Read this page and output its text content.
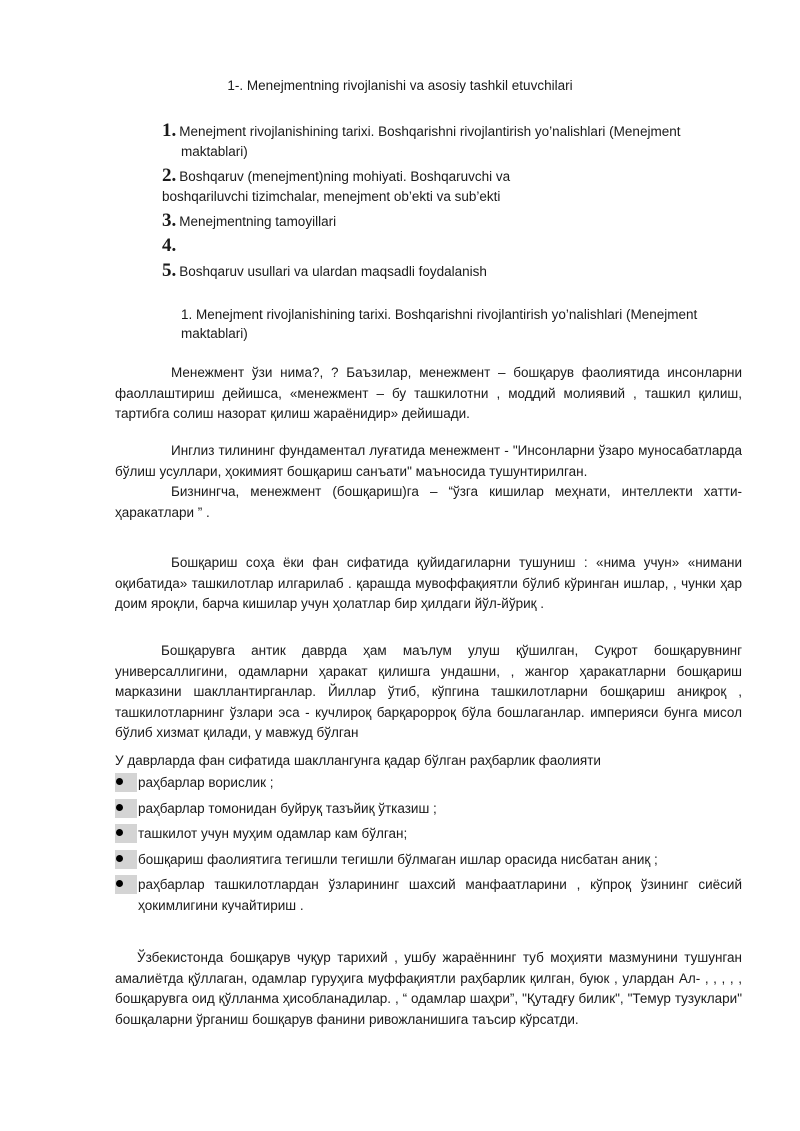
1-. Menejmentning rivojlanishi va asosiy tashkil etuvchilari
1. Menejment rivojlanishining tarixi. Boshqarishni rivojlantirish yo’nalishlari (Menejment maktablari)
2. Boshqaruv (menejment)ning mohiyati. Boshqaruvchi va boshqariluvchi tizimchalar, menejment ob’ekti va sub’ekti
3. Menejmentning tamoyillari
4.
5. Boshqaruv usullari va ulardan maqsadli foydalanish
1. Menejment rivojlanishining tarixi. Boshqarishni rivojlantirish yo’nalishlari (Menejment maktablari)
Менежмент ўзи нима?, ? Баъзилар, менежмент – бошқарув фаолиятида инсонларни фаоллаштириш дейишса, «менежмент – бу ташкилотни , моддий молиявий , ташкил қилиш, тартибга солиш назорат қилиш жараёнидир» дейишади.
Инглиз тилининг фундаментал луғатида менежмент - "Инсонларни ўзаро муносабатларда бўлиш усуллари, ҳокимият бошқариш санъати" маъносида тушунтирилган.
Бизнингча, менежмент (бошқариш)га – “ўзга кишилар меҳнати, интеллекти хатти-ҳаракатлари ” .
Бошқариш соҳа ёки фан сифатида қуйидагиларни тушуниш : «нима учун» «нимани оқибатида» ташкилотлар илгарилаб . қарашда мувоффақиятли бўлиб кўринган ишлар, , чунки ҳар доим яроқли, барча кишилар учун ҳолатлар бир ҳилдаги йўл-йўриқ .
Бошқарувга антик даврда ҳам маълум улуш қўшилган, Суқрот бошқарувнинг универсаллигини, одамларни ҳаракат қилишга ундашни, , жангор ҳаракатларни бошқариш марказини шакллантирганлар. Йиллар ўтиб, кўпгина ташкилотларни бошқариш аниқроқ , ташкилотларнинг ўзлари эса - кучлироқ барқарорроқ бўла бошлаганлар. империяси бунга мисол бўлиб хизмат қилади, у мавжуд бўлган
У даврларда фан сифатида шакллангунга қадар бўлган раҳбарлик фаолияти
раҳбарлар ворислик ;
раҳбарлар томонидан буйруқ тазъйиқ ўтказиш ;
ташкилот учун муҳим одамлар кам бўлган;
бошқариш фаолиятига тегишли тегишли бўлмаган ишлар орасида нисбатан аниқ ;
раҳбарлар ташкилотлардан ўзларининг шахсий манфаатларини , кўпроқ ўзининг сиёсий ҳокимлигини кучайтириш .
Ўзбекистонда бошқарув чуқур тарихий , ушбу жараённинг туб моҳияти мазмунини тушунган амалиётда қўллаган, одамлар гуруҳига муффақиятли раҳбарлик қилган, буюк , улардан Ал- , , , , , бошқарувга оид қўлланма ҳисобланадилар. , “ одамлар шаҳри”, "Қутадғу билик", "Темур тузуклари" бошқаларни ўрганиш бошқарув фанини ривожланишига таъсир кўрсатди.
